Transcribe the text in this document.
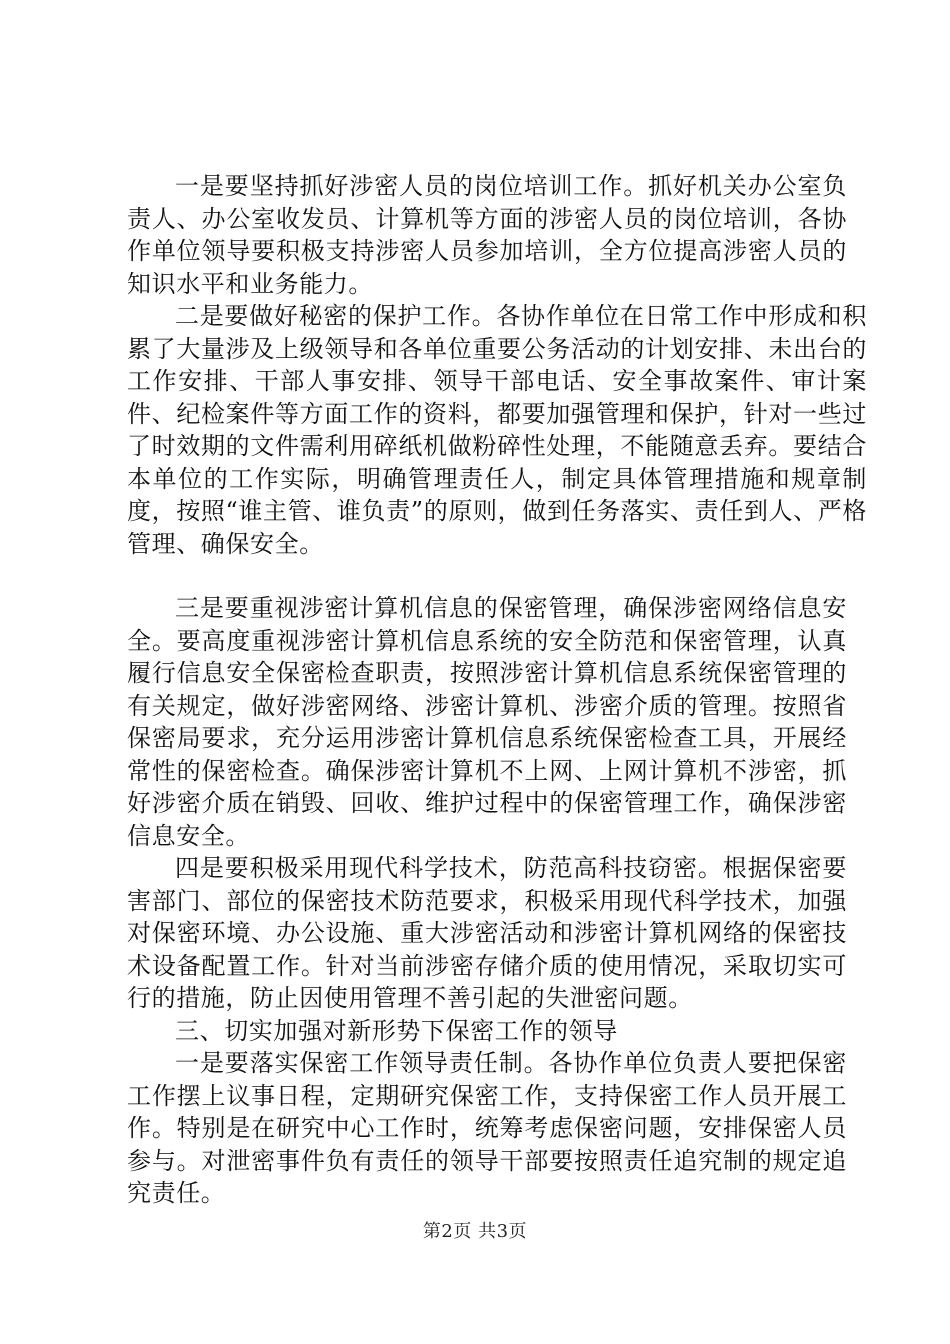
一是要坚持抓好涉密人员的岗位培训工作。抓好机关办公室负责人、办公室收发员、计算机等方面的涉密人员的岗位培训，各协作单位领导要积极支持涉密人员参加培训，全方位提高涉密人员的知识水平和业务能力。

二是要做好秘密的保护工作。各协作单位在日常工作中形成和积累了大量涉及上级领导和各单位重要公务活动的计划安排、未出台的工作安排、干部人事安排、领导干部电话、安全事故案件、审计案件、纪检案件等方面工作的资料，都要加强管理和保护，针对一些过了时效期的文件需利用碎纸机做粉碎性处理，不能随意丢弃。要结合本单位的工作实际，明确管理责任人，制定具体管理措施和规章制度，按照“谁主管、谁负责”的原则，做到任务落实、责任到人、严格管理、确保安全。

三是要重视涉密计算机信息的保密管理，确保涉密网络信息安全。要高度重视涉密计算机信息系统的安全防范和保密管理，认真履行信息安全保密检查职责，按照涉密计算机信息系统保密管理的有关规定，做好涉密网络、涉密计算机、涉密介质的管理。按照省保密局要求，充分运用涉密计算机信息系统保密检查工具，开展经常性的保密检查。确保涉密计算机不上网、上网计算机不涉密，抓好涉密介质在销毁、回收、维护过程中的保密管理工作，确保涉密信息安全。

四是要积极采用现代科学技术，防范高科技窃密。根据保密要害部门、部位的保密技术防范要求，积极采用现代科学技术，加强对保密环境、办公设施、重大涉密活动和涉密计算机网络的保密技术设备配置工作。针对当前涉密存储介质的使用情况，采取切实可行的措施，防止因使用管理不善引起的失泄密问题。

三、切实加强对新形势下保密工作的领导

一是要落实保密工作领导责任制。各协作单位负责人要把保密工作摆上议事日程，定期研究保密工作，支持保密工作人员开展工作。特别是在研究中心工作时，统筹考虑保密问题，安排保密人员参与。对泄密事件负有责任的领导干部要按照责任追究制的规定追究责任。

第2页 共3页
